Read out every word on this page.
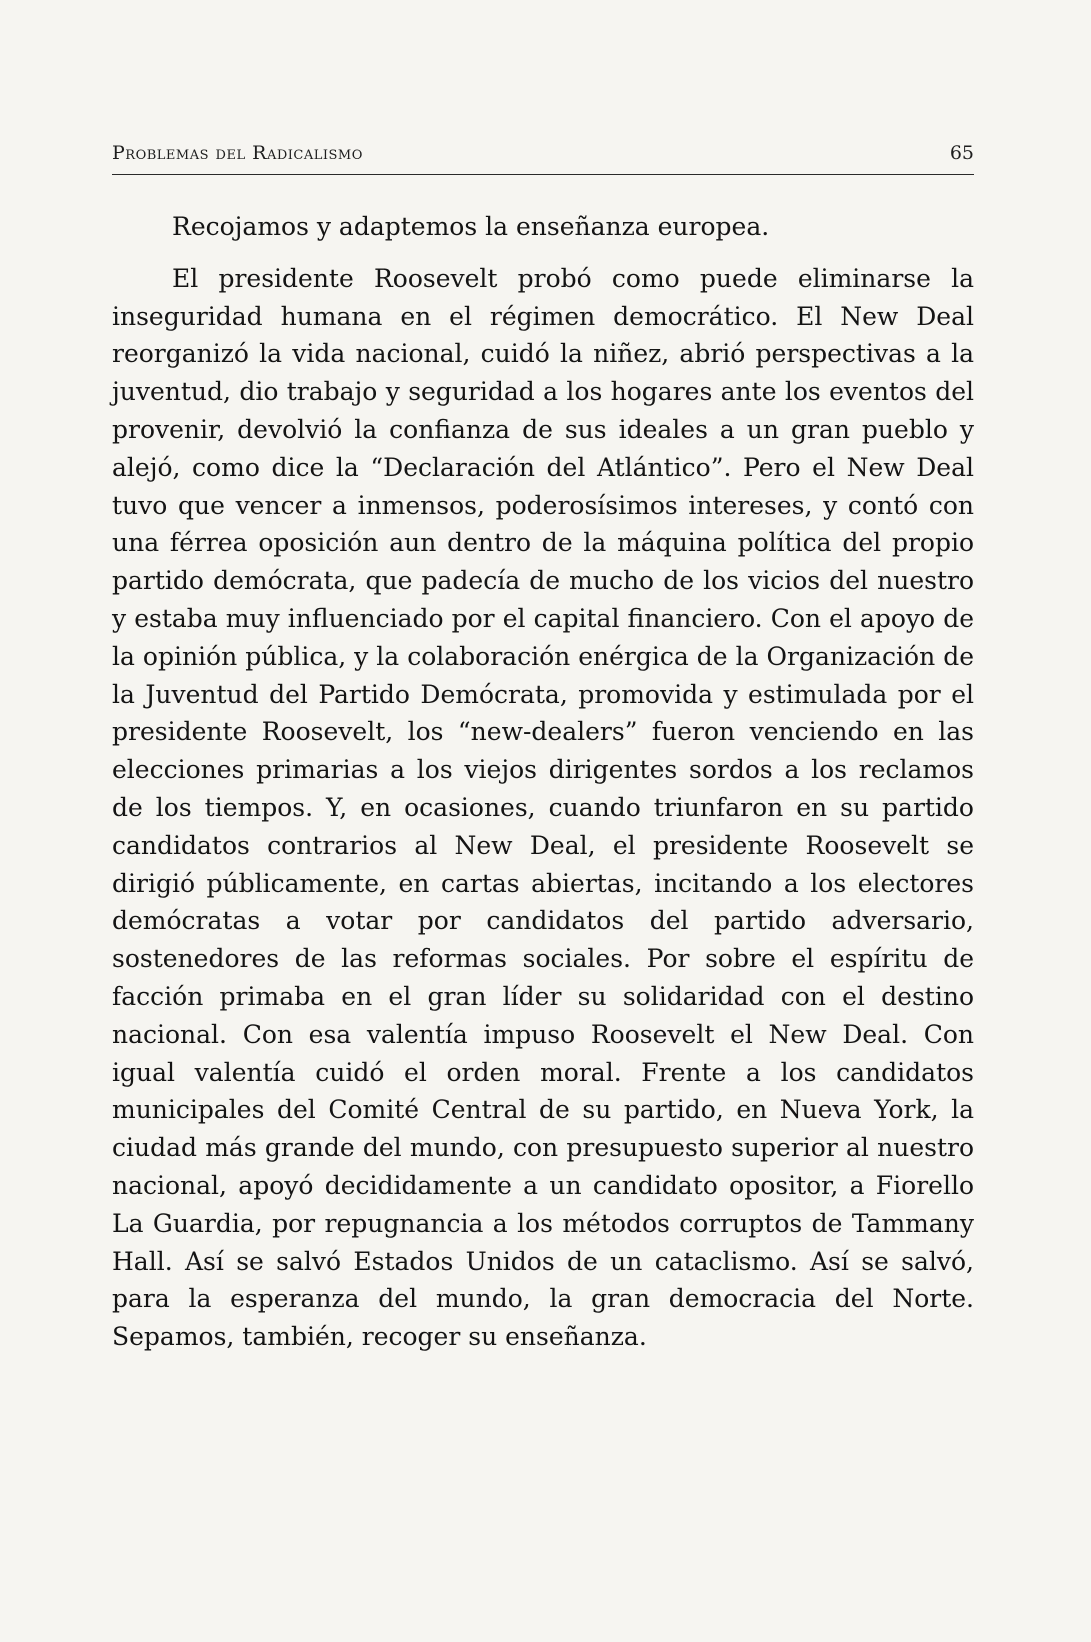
Problemas del Radicalismo	65

Recojamos y adaptemos la enseñanza europea.

El presidente Roosevelt probó como puede eliminarse la inseguridad humana en el régimen democrático. El New Deal reorganizó la vida nacional, cuidó la niñez, abrió perspectivas a la juventud, dio trabajo y seguridad a los hogares ante los eventos del provenir, devolvió la confianza de sus ideales a un gran pueblo y alejó, como dice la “Declaración del Atlántico”. Pero el New Deal tuvo que vencer a inmensos, poderosísimos intereses, y contó con una férrea oposición aun dentro de la máquina política del propio partido demócrata, que padecía de mucho de los vicios del nuestro y estaba muy influenciado por el capital financiero. Con el apoyo de la opinión pública, y la colaboración enérgica de la Organización de la Juventud del Partido Demócrata, promovida y estimulada por el presidente Roosevelt, los “new-dealers” fueron venciendo en las elecciones primarias a los viejos dirigentes sordos a los reclamos de los tiempos. Y, en ocasiones, cuando triunfaron en su partido candidatos contrarios al New Deal, el presidente Roosevelt se dirigió públicamente, en cartas abiertas, incitando a los electores demócratas a votar por candidatos del partido adversario, sostenedores de las reformas sociales. Por sobre el espíritu de facción primaba en el gran líder su solidaridad con el destino nacional. Con esa valentía impuso Roosevelt el New Deal. Con igual valentía cuidó el orden moral. Frente a los candidatos municipales del Comité Central de su partido, en Nueva York, la ciudad más grande del mundo, con presupuesto superior al nuestro nacional, apoyó decididamente a un candidato opositor, a Fiorello La Guardia, por repugnancia a los métodos corruptos de Tammany Hall. Así se salvó Estados Unidos de un cataclismo. Así se salvó, para la esperanza del mundo, la gran democracia del Norte. Sepamos, también, recoger su enseñanza.
